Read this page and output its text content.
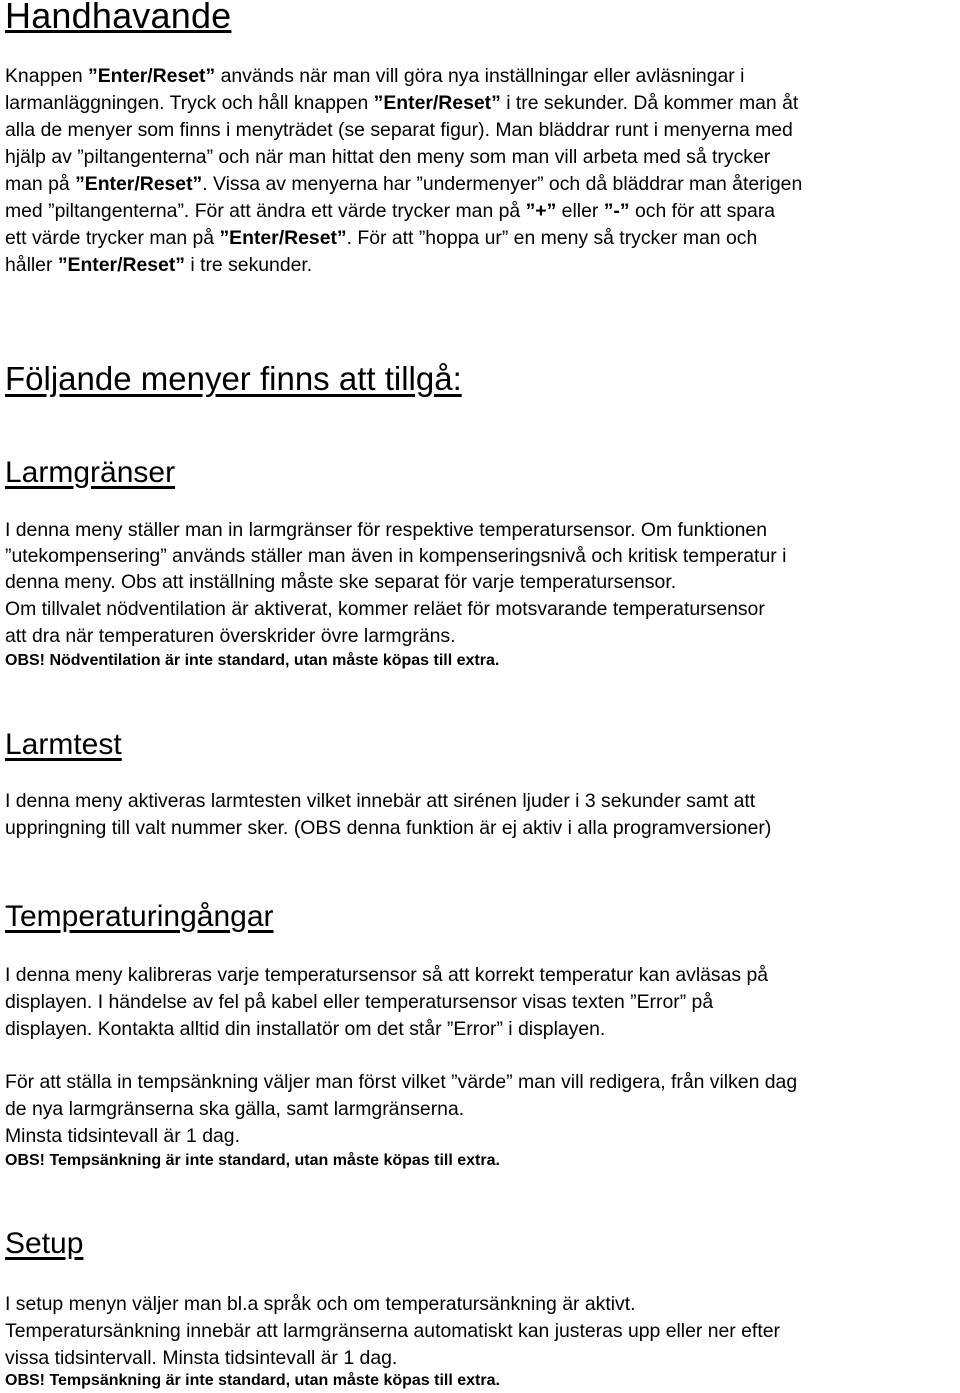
Handhavande

Knappen ”Enter/Reset” används när man vill göra nya inställningar eller avläsningar i

larmanläggningen. Tryck och håll knappen ”Enter/Reset” i tre sekunder. Då kommer man åt

alla de menyer som finns i menyträdet (se separat figur). Man bläddrar runt i menyerna med

hjälp av ”piltangenterna” och när man hittat den meny som man vill arbeta med så trycker

man på ”Enter/Reset”. Vissa av menyerna har ”undermenyer” och då bläddrar man återigen

med ”piltangenterna”. För att ändra ett värde trycker man på ”+” eller ”-” och för att spara

ett värde trycker man på ”Enter/Reset”. För att ”hoppa ur” en meny så trycker man och

håller ”Enter/Reset” i tre sekunder.

Följande menyer finns att tillgå:
Larmgränser

I denna meny ställer man in larmgränser för respektive temperatursensor. Om funktionen

”utekompensering” används ställer man även in kompenseringsnivå och kritisk temperatur i

denna meny. Obs att inställning måste ske separat för varje temperatursensor.

Om tillvalet nödventilation är aktiverat, kommer reläet för motsvarande temperatursensor

att dra när temperaturen överskrider övre larmgräns.

OBS! Nödventilation är inte standard, utan måste köpas till extra.

Larmtest

I denna meny aktiveras larmtesten vilket innebär att sirénen ljuder i 3 sekunder samt att

uppringning till valt nummer sker. (OBS denna funktion är ej aktiv i alla programversioner)

Temperaturingångar

I denna meny kalibreras varje temperatursensor så att korrekt temperatur kan avläsas på

displayen. I händelse av fel på kabel eller temperatursensor visas texten ”Error” på

displayen. Kontakta alltid din installatör om det står ”Error” i displayen.

För att ställa in tempsänkning väljer man först vilket ”värde” man vill redigera, från vilken dag

de nya larmgränserna ska gälla, samt larmgränserna.

Minsta tidsintevall är 1 dag.

OBS! Tempsänkning är inte standard, utan måste köpas till extra.

Setup

I setup menyn väljer man bl.a språk och om temperatursänkning är aktivt.

Temperatursänkning innebär att larmgränserna automatiskt kan justeras upp eller ner efter

vissa tidsintervall. Minsta tidsintevall är 1 dag.

OBS! Tempsänkning är inte standard, utan måste köpas till extra.
